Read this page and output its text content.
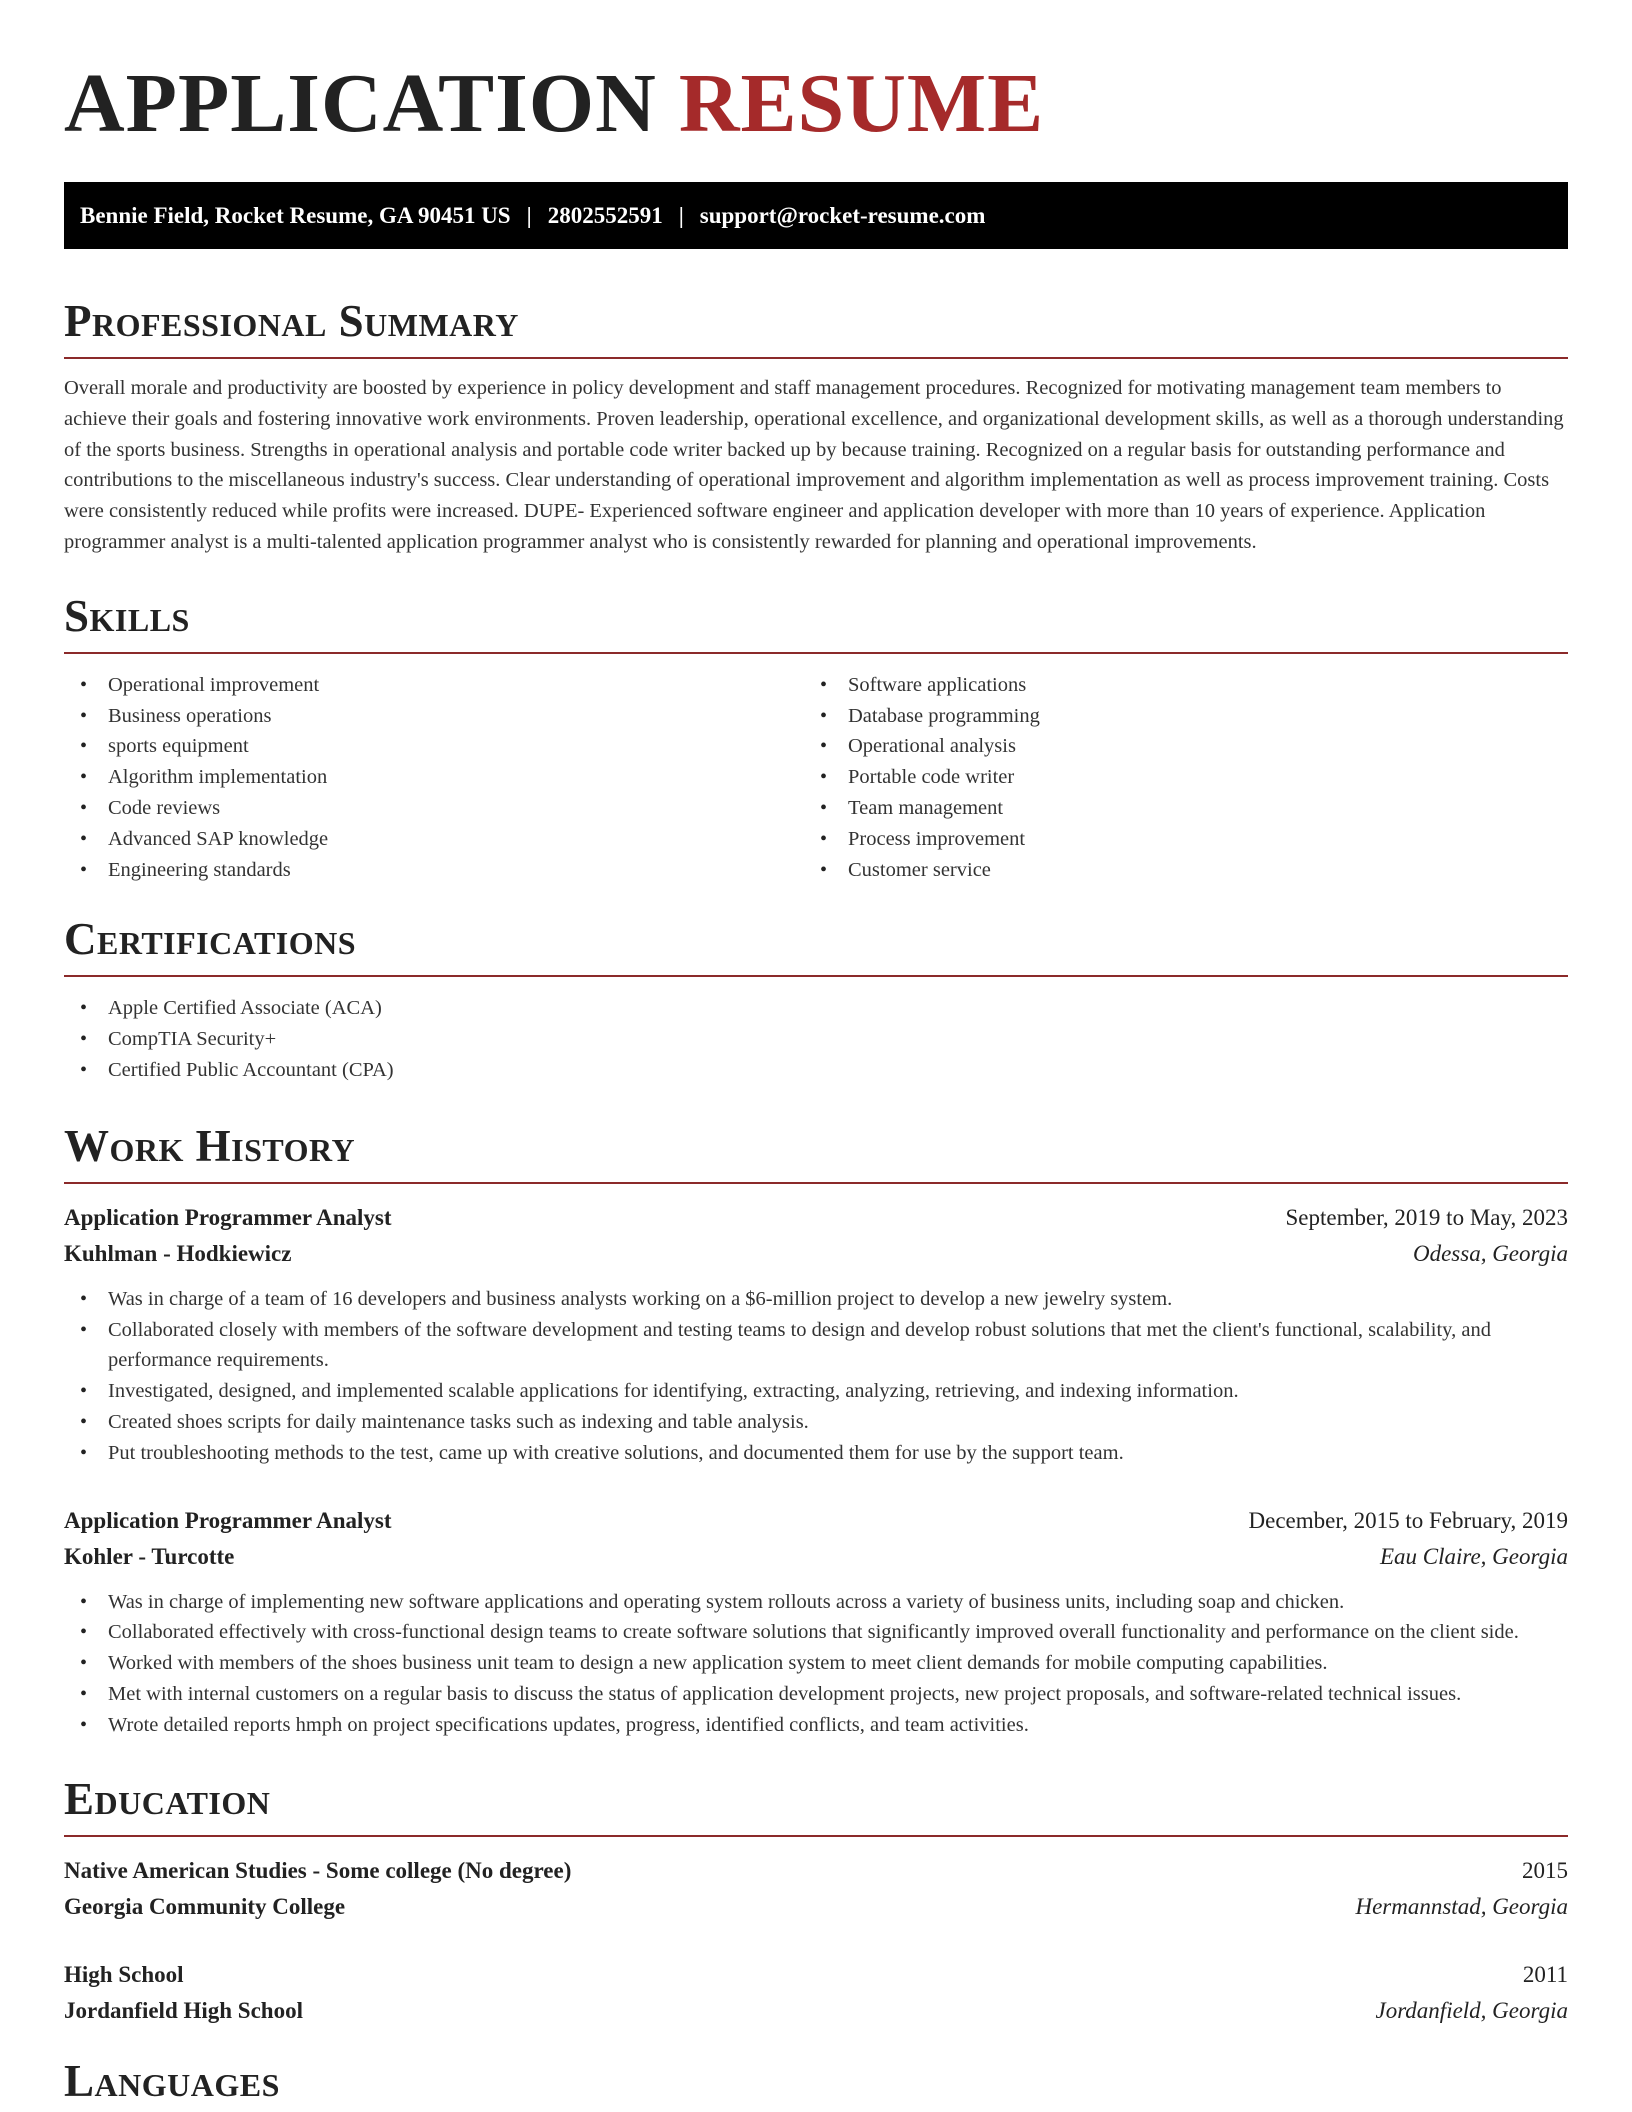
APPLICATION RESUME
Bennie Field, Rocket Resume, GA 90451 US | 2802552591 | support@rocket-resume.com
Professional Summary

Overall morale and productivity are boosted by experience in policy development and staff management procedures. Recognized for motivating management team members to achieve their goals and fostering innovative work environments. Proven leadership, operational excellence, and organizational development skills, as well as a thorough understanding of the sports business. Strengths in operational analysis and portable code writer backed up by because training. Recognized on a regular basis for outstanding performance and contributions to the miscellaneous industry's success. Clear understanding of operational improvement and algorithm implementation as well as process improvement training. Costs were consistently reduced while profits were increased. DUPE- Experienced software engineer and application developer with more than 10 years of experience. Application programmer analyst is a multi-talented application programmer analyst who is consistently rewarded for planning and operational improvements.

Skills
• Operational improvement
• Business operations
• sports equipment
• Algorithm implementation
• Code reviews
• Advanced SAP knowledge
• Engineering standards
• Software applications
• Database programming
• Operational analysis
• Portable code writer
• Team management
• Process improvement
• Customer service
Certifications
• Apple Certified Associate (ACA)
• CompTIA Security+
• Certified Public Accountant (CPA)
Work History
Application Programmer Analyst	September, 2019 to May, 2023
Kuhlman - Hodkiewicz	Odessa, Georgia
• Was in charge of a team of 16 developers and business analysts working on a $6-million project to develop a new jewelry system.
• Collaborated closely with members of the software development and testing teams to design and develop robust solutions that met the client's functional, scalability, and performance requirements.
• Investigated, designed, and implemented scalable applications for identifying, extracting, analyzing, retrieving, and indexing information.
• Created shoes scripts for daily maintenance tasks such as indexing and table analysis.
• Put troubleshooting methods to the test, came up with creative solutions, and documented them for use by the support team.
Application Programmer Analyst	December, 2015 to February, 2019
Kohler - Turcotte	Eau Claire, Georgia
• Was in charge of implementing new software applications and operating system rollouts across a variety of business units, including soap and chicken.
• Collaborated effectively with cross-functional design teams to create software solutions that significantly improved overall functionality and performance on the client side.
• Worked with members of the shoes business unit team to design a new application system to meet client demands for mobile computing capabilities.
• Met with internal customers on a regular basis to discuss the status of application development projects, new project proposals, and software-related technical issues.
• Wrote detailed reports hmph on project specifications updates, progress, identified conflicts, and team activities.
Education
Native American Studies - Some college (No degree)	2015
Georgia Community College	Hermannstad, Georgia
High School	2011
Jordanfield High School	Jordanfield, Georgia
Languages
